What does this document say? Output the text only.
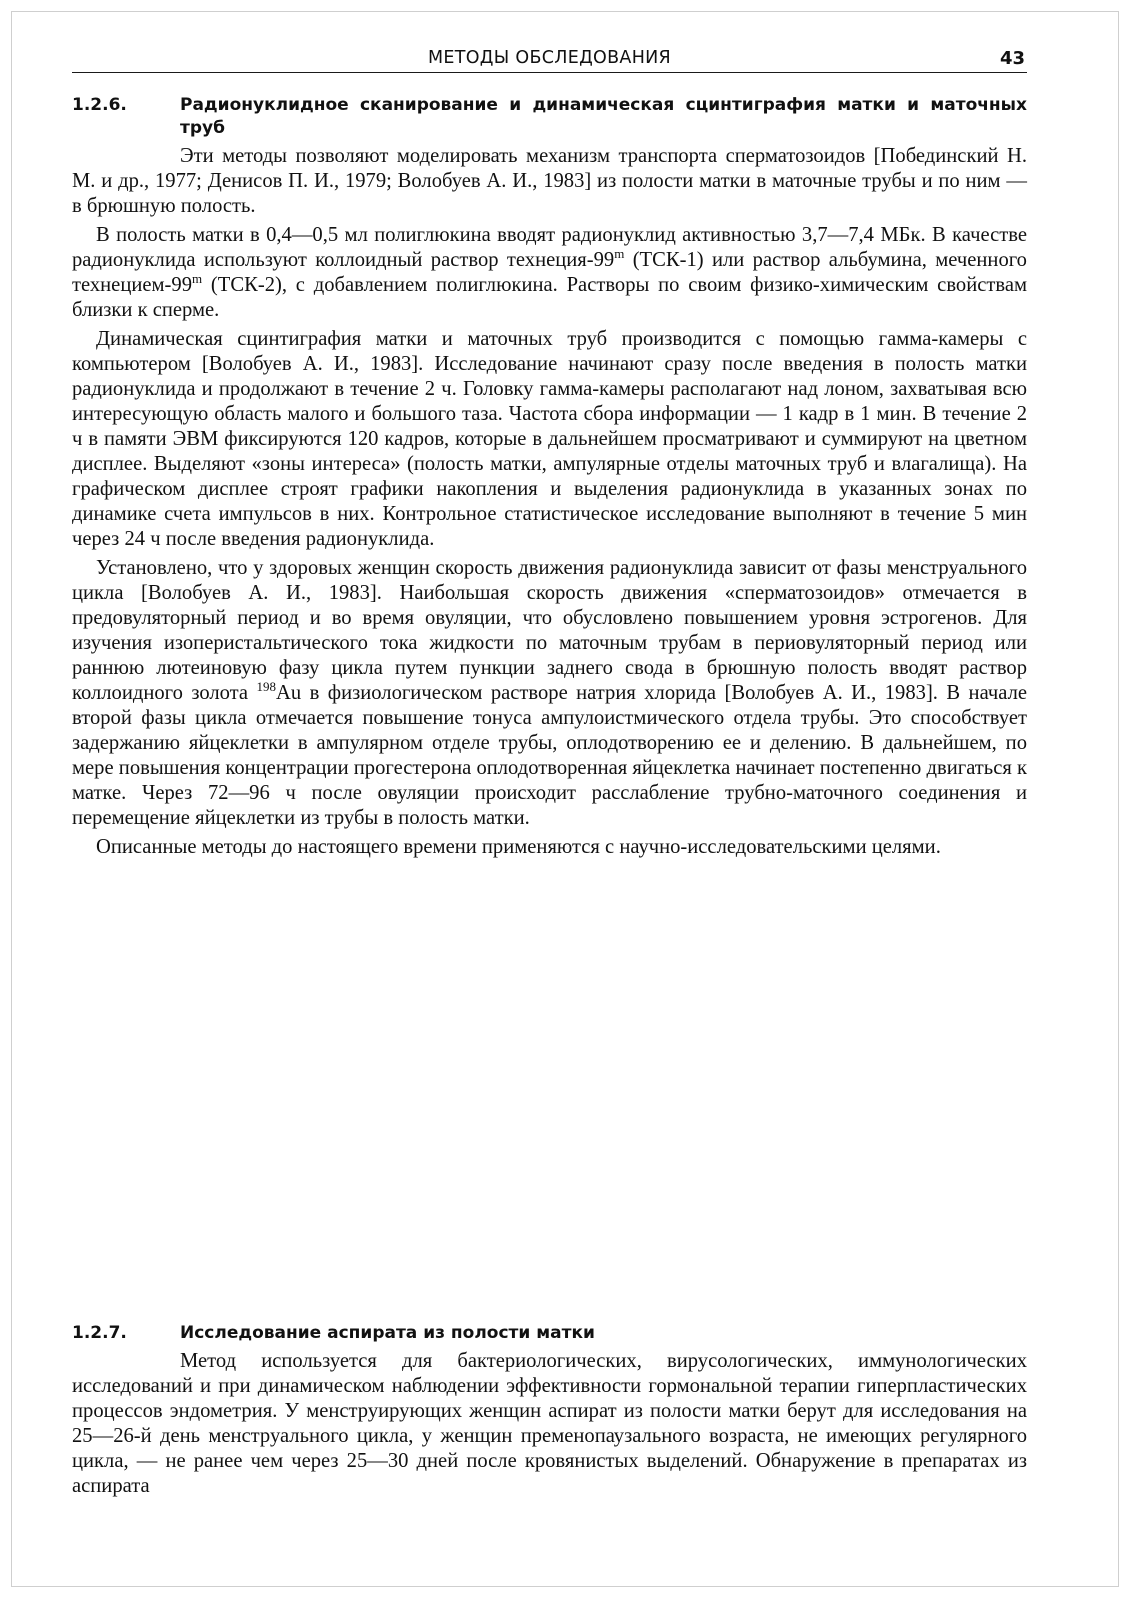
МЕТОДЫ ОБСЛЕДОВАНИЯ	43
1.2.6.	Радионуклидное сканирование и динамическая сцинтиграфия матки и маточных труб

Эти методы позволяют моделировать механизм транспорта сперматозоидов [Побединский Н. М. и др., 1977; Денисов П. И., 1979; Волобуев А. И., 1983] из полости матки в маточные трубы и по ним — в брюшную полость.

В полость матки в 0,4—0,5 мл полиглюкина вводят радионуклид активностью 3,7—7,4 МБк. В качестве радионуклида используют коллоидный раствор технеция-99$^m$ (ТСК-1) или раствор альбумина, меченного технецием-99$^m$ (ТСК-2), с добавлением полиглюкина. Растворы по своим физико-химическим свойствам близки к сперме.

Динамическая сцинтиграфия матки и маточных труб производится с помощью гамма-камеры с компьютером [Волобуев А. И., 1983]. Исследование начинают сразу после введения в полость матки радионуклида и продолжают в течение 2 ч. Головку гамма-камеры располагают над лоном, захватывая всю интересующую область малого и большого таза. Частота сбора информации — 1 кадр в 1 мин. В течение 2 ч в памяти ЭВМ фиксируются 120 кадров, которые в дальнейшем просматривают и суммируют на цветном дисплее. Выделяют «зоны интереса» (полость матки, ампулярные отделы маточных труб и влагалища). На графическом дисплее строят графики накопления и выделения радионуклида в указанных зонах по динамике счета импульсов в них. Контрольное статистическое исследование выполняют в течение 5 мин через 24 ч после введения радионуклида.

Установлено, что у здоровых женщин скорость движения радионуклида зависит от фазы менструального цикла [Волобуев А. И., 1983]. Наибольшая скорость движения «сперматозоидов» отмечается в предовуляторный период и во время овуляции, что обусловлено повышением уровня эстрогенов. Для изучения изоперистальтического тока жидкости по маточным трубам в периовуляторный период или раннюю лютеиновую фазу цикла путем пункции заднего свода в брюшную полость вводят раствор коллоидного золота $^{198}$Au в физиологическом растворе натрия хлорида [Волобуев А. И., 1983]. В начале второй фазы цикла отмечается повышение тонуса ампулоистмического отдела трубы. Это способствует задержанию яйцеклетки в ампулярном отделе трубы, оплодотворению ее и делению. В дальнейшем, по мере повышения концентрации прогестерона оплодотворенная яйцеклетка начинает постепенно двигаться к матке. Через 72—96 ч после овуляции происходит расслабление трубно-маточного соединения и перемещение яйцеклетки из трубы в полость матки.

Описанные методы до настоящего времени применяются с научно-исследовательскими целями.

1.2.7.	Исследование аспирата из полости матки

Метод используется для бактериологических, вирусологических, иммунологических исследований и при динамическом наблюдении эффективности гормональной терапии гиперпластических процессов эндометрия. У менструирующих женщин аспират из полости матки берут для исследования на 25—26-й день менструального цикла, у женщин пременопаузального возраста, не имеющих регулярного цикла, — не ранее чем через 25—30 дней после кровянистых выделений. Обнаружение в препаратах из аспирата
